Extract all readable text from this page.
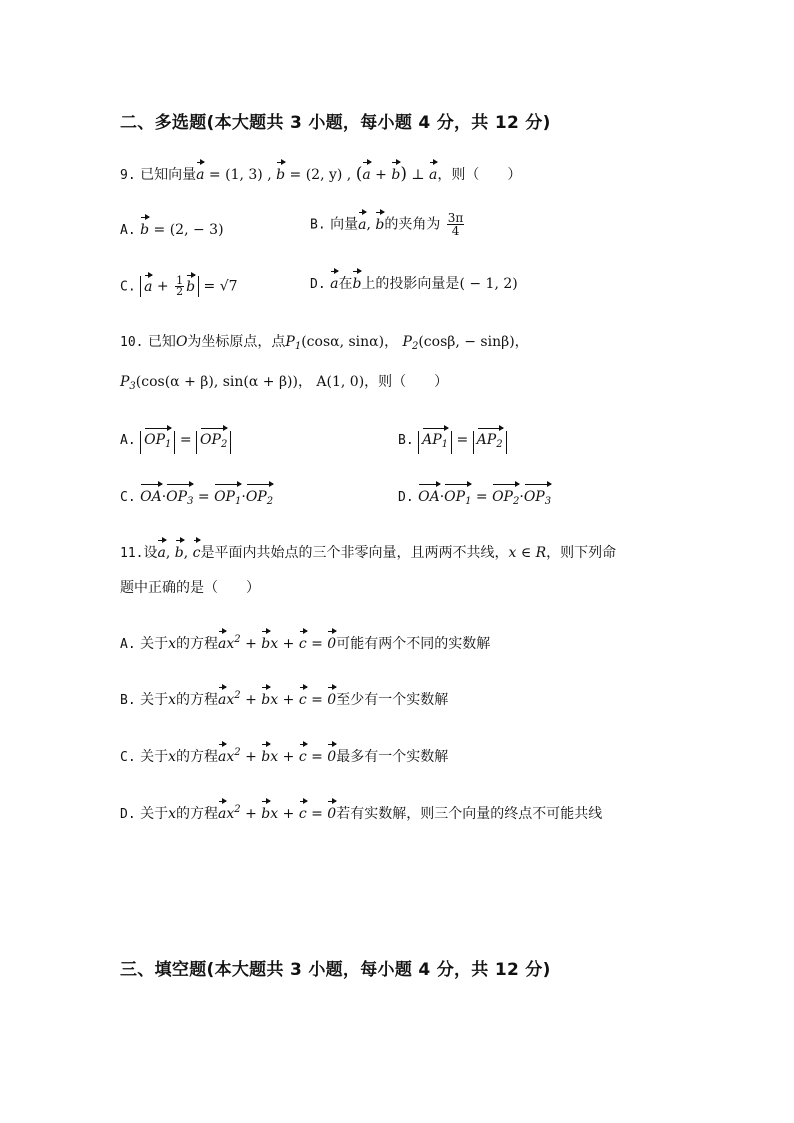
二、多选题(本大题共 3 小题，每小题 4 分，共 12 分)
9. 已知向量a = (1, 3) , b = (2, y) , (a + b) ⊥ a，则（　　）
A. b = (2, − 3)	B. 向量a, b的夹角为 $\frac{3\pi}{4}$
C. $a + \frac{1}{2}$ b = √7	D. a在b上的投影向量是( − 1, 2)
10. 已知O为坐标原点，点$P_1(\cos\alpha$, sinα)， $P_2(\cos\beta$, − sinβ)，
$P_3(\cos(\alpha + \beta)$, sin(α + β))， A(1, 0)，则（　　）
A. $OP_1 = OP_2$	B. $AP_1 = AP_2$
C. $OA\cdot OP_3 = OP_1\cdot OP_2$	D. $OA\cdot OP_1 = OP_2\cdot OP_3$
11.设a, b, c是平面内共始点的三个非零向量，且两两不共线，x ∈ R，则下列命
题中正确的是（　　）
A. 关于x的方程$ax^2$ + bx + c = 0可能有两个不同的实数解
B. 关于x的方程$ax^2$ + bx + c = 0至少有一个实数解
C. 关于x的方程$ax^2$ + bx + c = 0最多有一个实数解
D. 关于x的方程$ax^2$ + bx + c = 0若有实数解，则三个向量的终点不可能共线
三、填空题(本大题共 3 小题，每小题 4 分，共 12 分)
